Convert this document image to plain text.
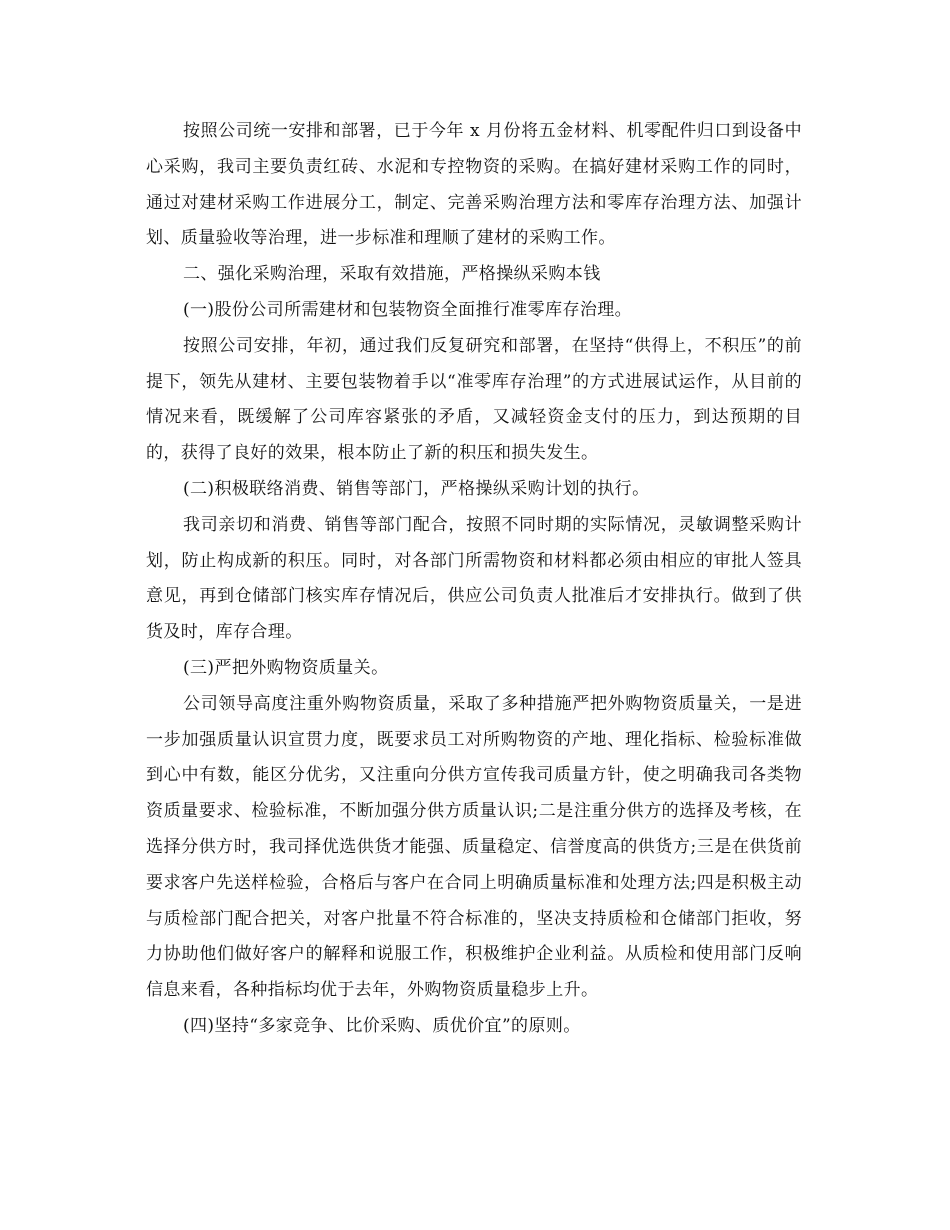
按照公司统一安排和部署，已于今年 x 月份将五金材料、机零配件归口到设备中心采购，我司主要负责红砖、水泥和专控物资的采购。在搞好建材采购工作的同时，通过对建材采购工作进展分工，制定、完善采购治理方法和零库存治理方法、加强计划、质量验收等治理，进一步标准和理顺了建材的采购工作。

二、强化采购治理，采取有效措施，严格操纵采购本钱

(一)股份公司所需建材和包装物资全面推行准零库存治理。

按照公司安排，年初，通过我们反复研究和部署，在坚持“供得上，不积压”的前提下，领先从建材、主要包装物着手以“准零库存治理”的方式进展试运作，从目前的情况来看，既缓解了公司库容紧张的矛盾，又减轻资金支付的压力，到达预期的目的，获得了良好的效果，根本防止了新的积压和损失发生。

(二)积极联络消费、销售等部门，严格操纵采购计划的执行。

我司亲切和消费、销售等部门配合，按照不同时期的实际情况，灵敏调整采购计划，防止构成新的积压。同时，对各部门所需物资和材料都必须由相应的审批人签具意见，再到仓储部门核实库存情况后，供应公司负责人批准后才安排执行。做到了供货及时，库存合理。

(三)严把外购物资质量关。

公司领导高度注重外购物资质量，采取了多种措施严把外购物资质量关，一是进一步加强质量认识宣贯力度，既要求员工对所购物资的产地、理化指标、检验标准做到心中有数，能区分优劣，又注重向分供方宣传我司质量方针，使之明确我司各类物资质量要求、检验标准，不断加强分供方质量认识;二是注重分供方的选择及考核，在选择分供方时，我司择优选供货才能强、质量稳定、信誉度高的供货方;三是在供货前要求客户先送样检验，合格后与客户在合同上明确质量标准和处理方法;四是积极主动与质检部门配合把关，对客户批量不符合标准的，坚决支持质检和仓储部门拒收，努力协助他们做好客户的解释和说服工作，积极维护企业利益。从质检和使用部门反响信息来看，各种指标均优于去年，外购物资质量稳步上升。

(四)坚持“多家竞争、比价采购、质优价宜”的原则。
